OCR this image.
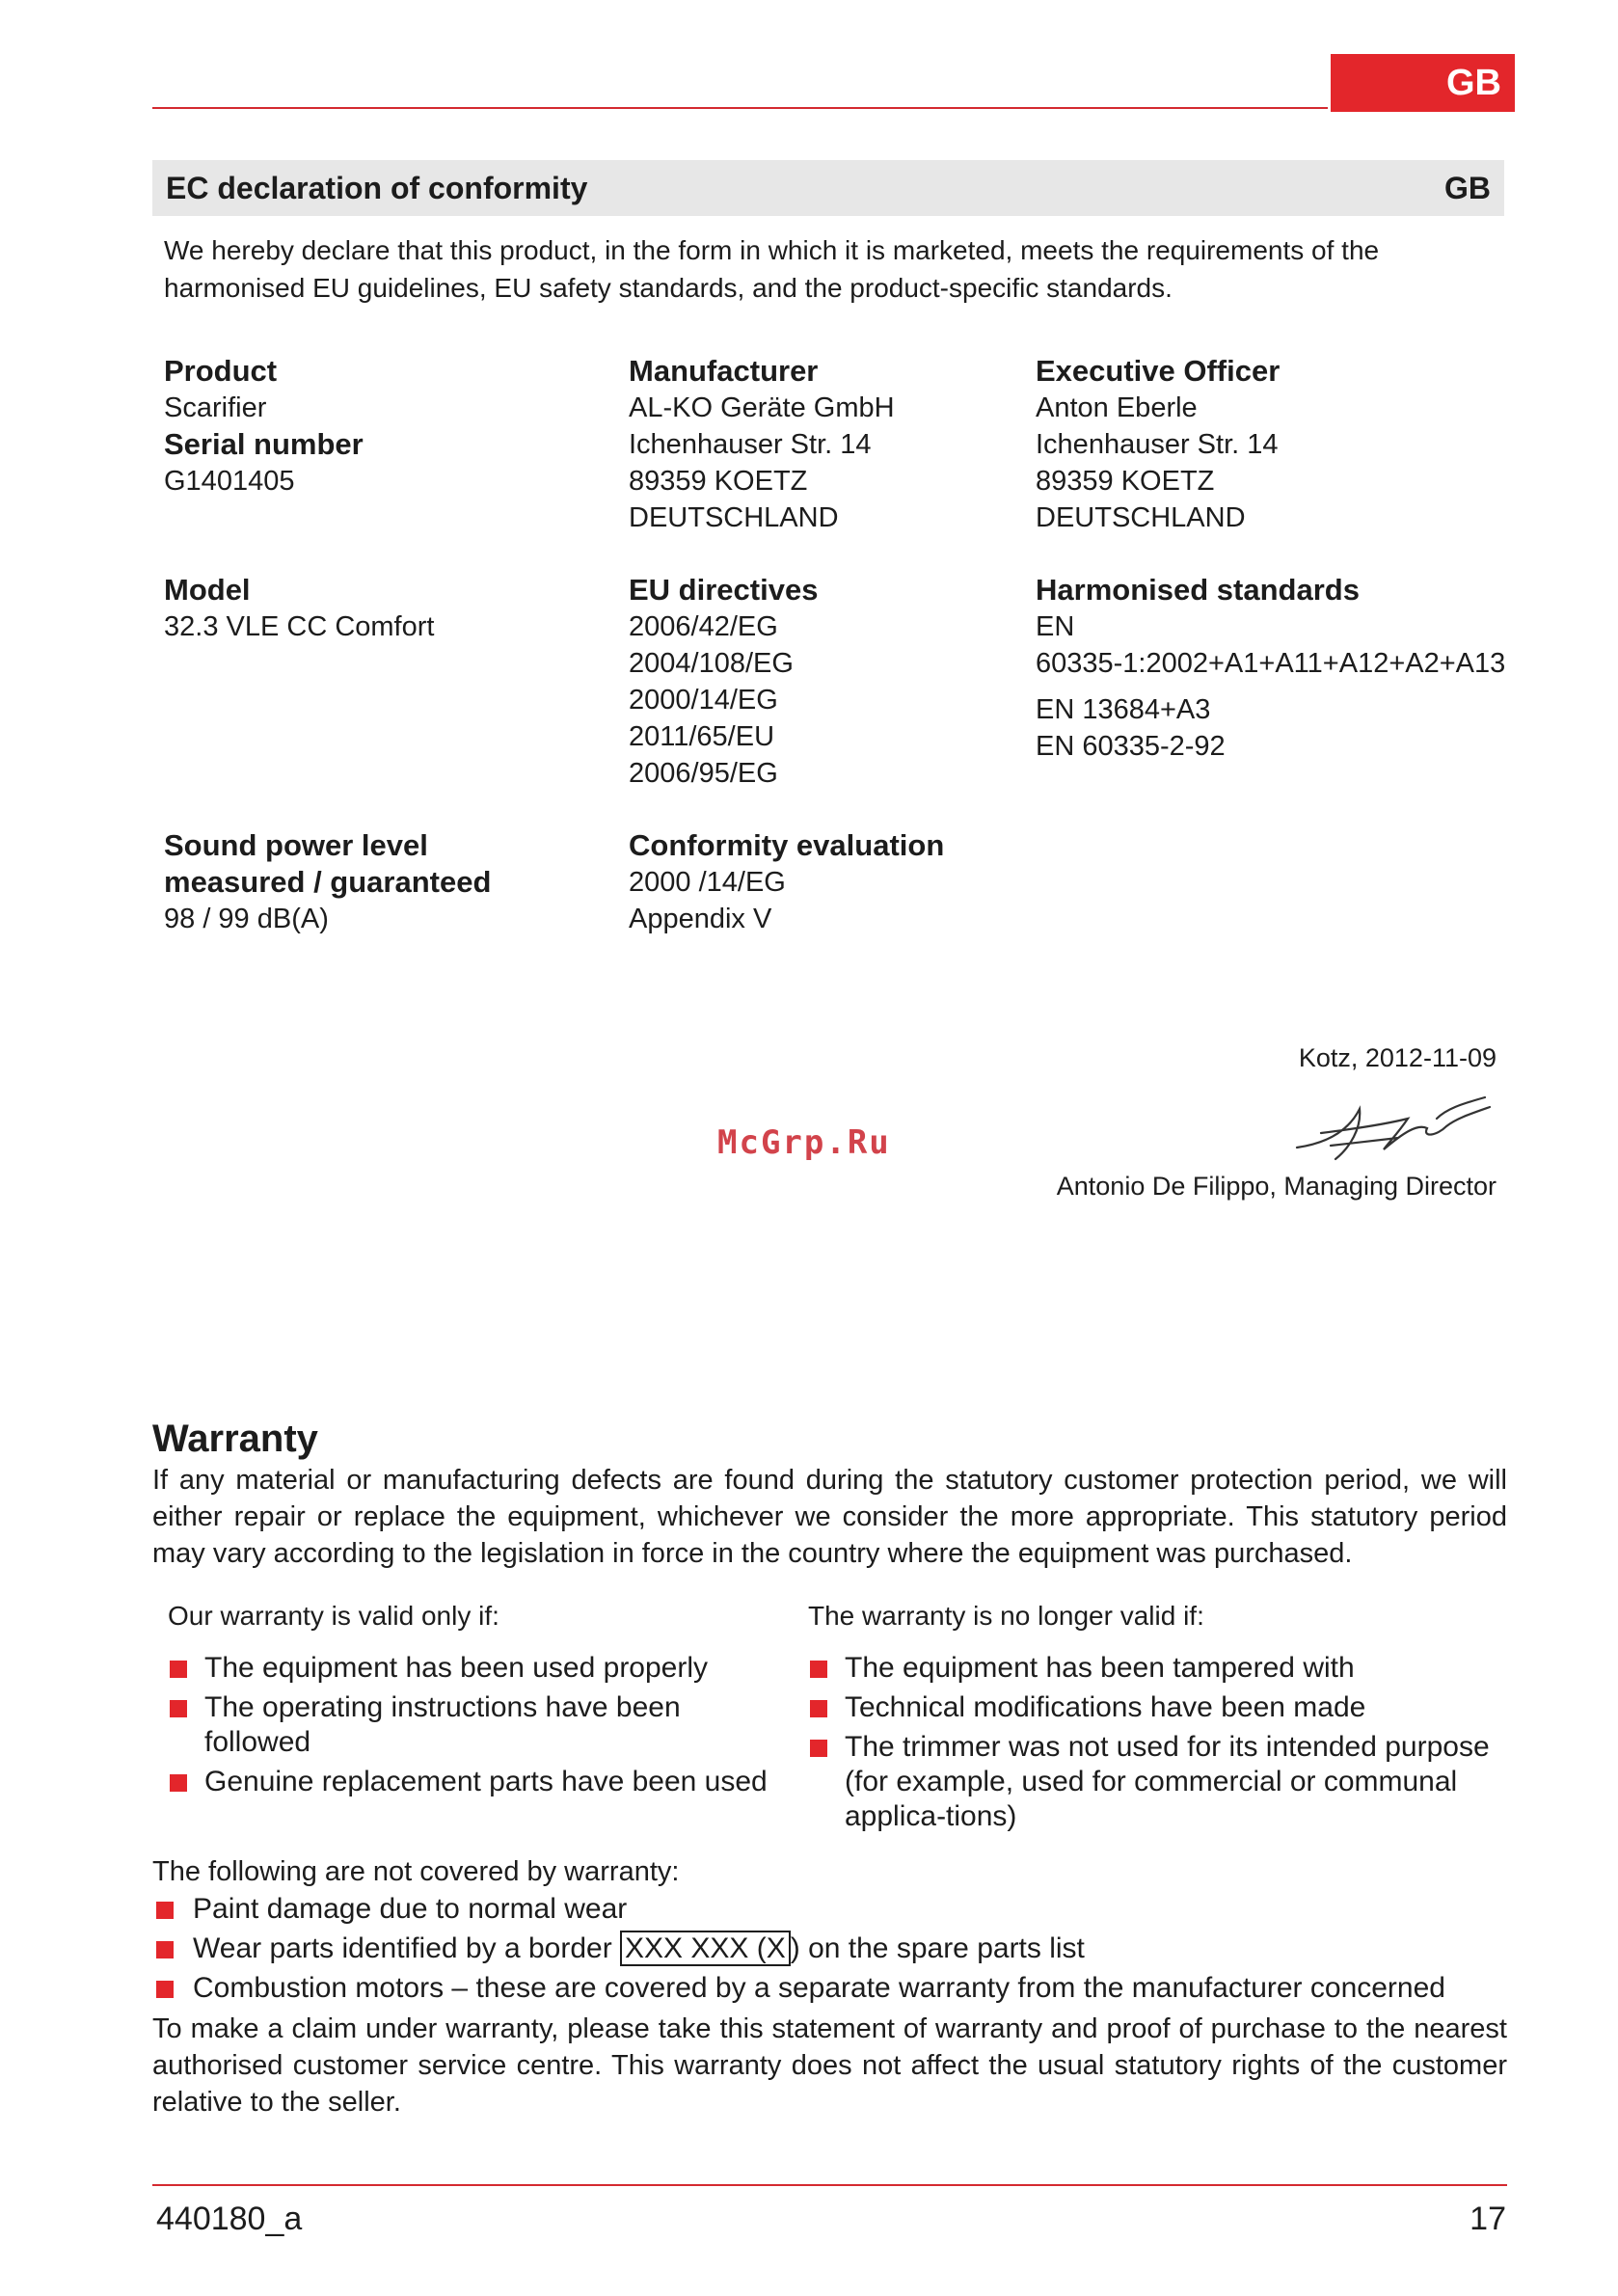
GB
EC declaration of conformity	GB
We hereby declare that this product, in the form in which it is marketed, meets the requirements of the harmonised EU guidelines, EU safety standards, and the product-specific standards.
Product
Scarifier
Serial number
G1401405
Model
32.3 VLE CC Comfort
Sound power level
measured / guaranteed
98 / 99 dB(A)
Manufacturer
AL-KO Geräte GmbH
Ichenhauser Str. 14
89359 KOETZ
DEUTSCHLAND
EU directives
2006/42/EG
2004/108/EG
2000/14/EG
2011/65/EU
2006/95/EG
Conformity evaluation
2000 /14/EG
Appendix V
Executive Officer
Anton Eberle
Ichenhauser Str. 14
89359 KOETZ
DEUTSCHLAND
Harmonised standards
EN
60335-1:2002+A1+A11+A12+A2+A13
EN 13684+A3
EN 60335-2-92
Kotz, 2012-11-09
McGrp.Ru
Antonio De Filippo, Managing Director
Warranty
If any material or manufacturing defects are found during the statutory customer protection period, we will either repair or replace the equipment, whichever we consider the more appropriate. This statutory period may vary according to the legislation in force in the country where the equipment was purchased.
Our warranty is valid only if:
The equipment has been used properly
The operating instructions have been followed
Genuine replacement parts have been used
The warranty is no longer valid if:
The equipment has been tampered with
Technical modifications have been made
The trimmer was not used for its intended purpose (for example, used for commercial or communal applica-tions)
The following are not covered by warranty:
Paint damage due to normal wear
Wear parts identified by a border XXX XXX (X ) on the spare parts list
Combustion motors – these are covered by a separate warranty from the manufacturer concerned
To make a claim under warranty, please take this statement of warranty and proof of purchase to the nearest authorised customer service centre. This warranty does not affect the usual statutory rights of the customer relative to the seller.
440180_a	17
